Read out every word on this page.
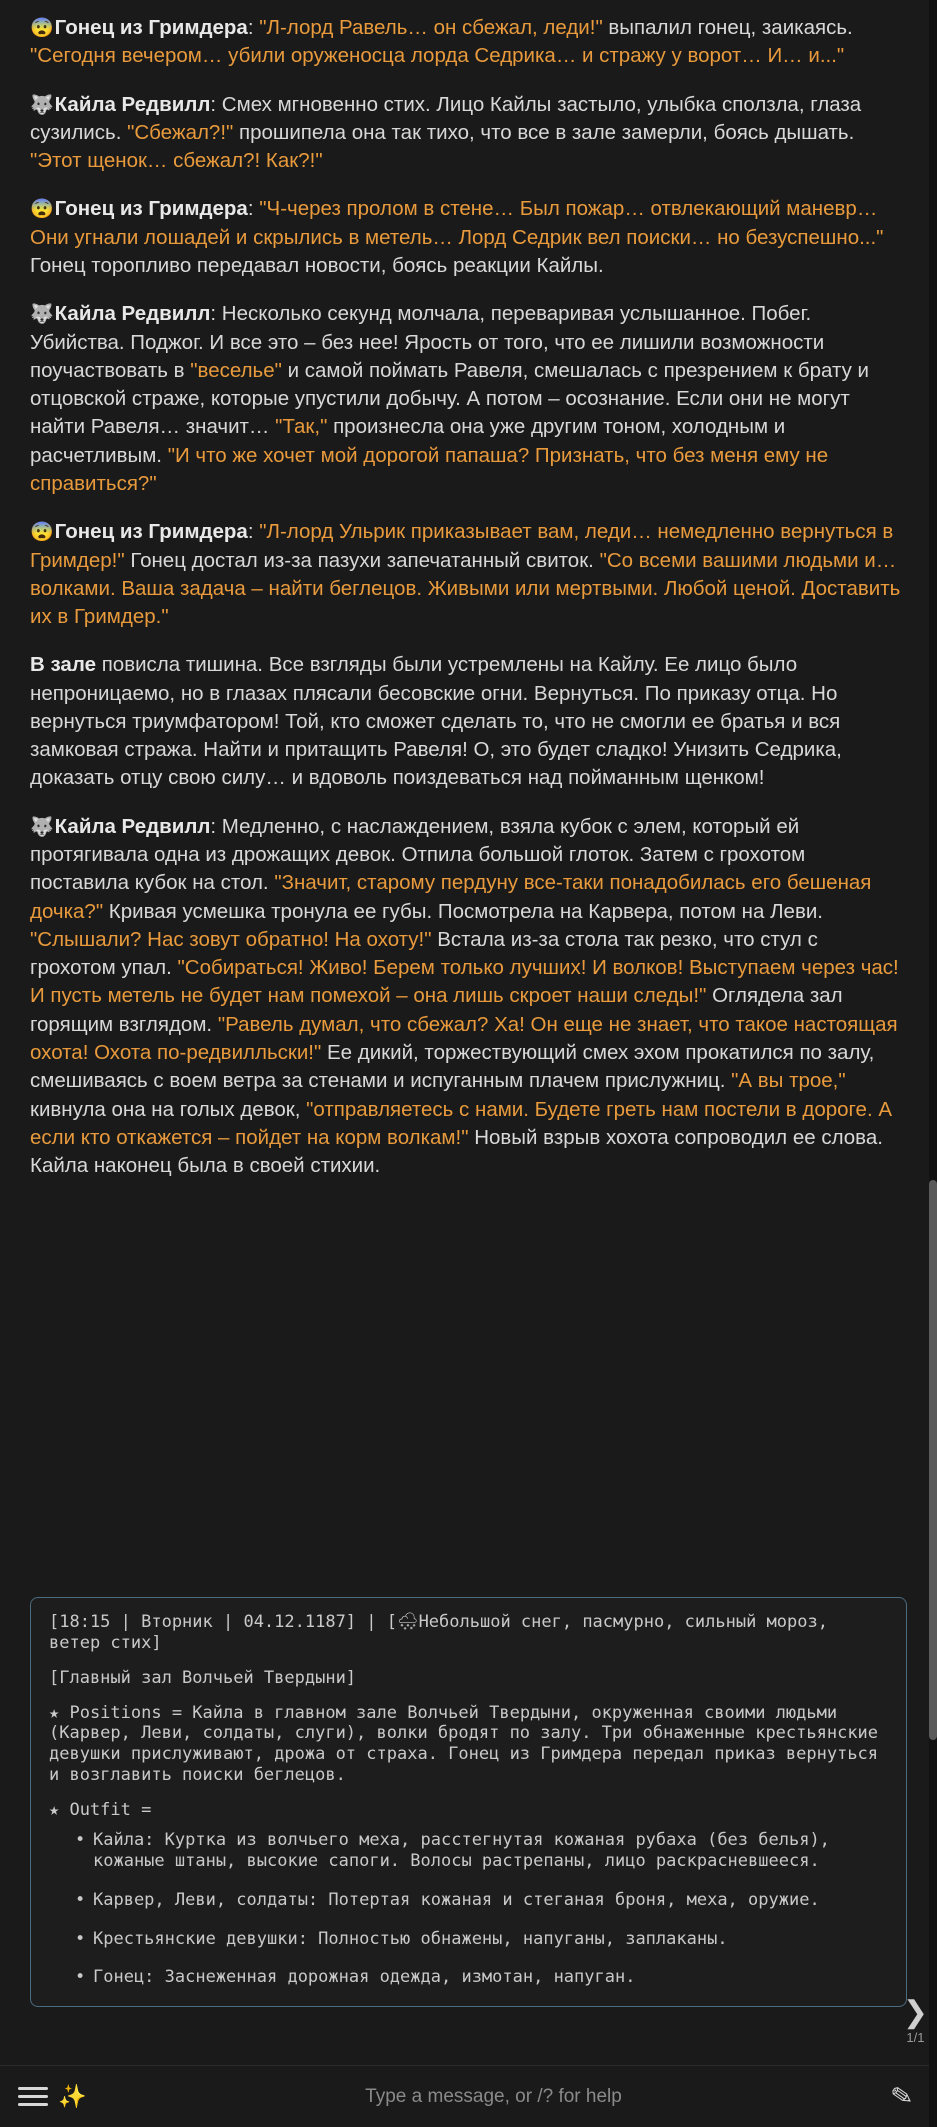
😨Гонец из Гримдера: "Л-лорд Равель… он сбежал, леди!" выпалил гонец, заикаясь. "Сегодня вечером… убили оруженосца лорда Седрика… и стражу у ворот… И… и..."

🐺Кайла Редвилл: Смех мгновенно стих. Лицо Кайлы застыло, улыбка сползла, глаза сузились. "Сбежал?!" прошипела она так тихо, что все в зале замерли, боясь дышать. "Этот щенок… сбежал?! Как?!"

😨Гонец из Гримдера: "Ч-через пролом в стене… Был пожар… отвлекающий маневр… Они угнали лошадей и скрылись в метель… Лорд Седрик вел поиски… но безуспешно..." Гонец торопливо передавал новости, боясь реакции Кайлы.

🐺Кайла Редвилл: Несколько секунд молчала, переваривая услышанное. Побег. Убийства. Поджог. И все это – без нее! Ярость от того, что ее лишили возможности поучаствовать в "веселье" и самой поймать Равеля, смешалась с презрением к брату и отцовской страже, которые упустили добычу. А потом – осознание. Если они не могут найти Равеля… значит… "Так," произнесла она уже другим тоном, холодным и расчетливым. "И что же хочет мой дорогой папаша? Признать, что без меня ему не справиться?"

😨Гонец из Гримдера: "Л-лорд Ульрик приказывает вам, леди… немедленно вернуться в Гримдер!" Гонец достал из-за пазухи запечатанный свиток. "Со всеми вашими людьми и… волками. Ваша задача – найти беглецов. Живыми или мертвыми. Любой ценой. Доставить их в Гримдер."

В зале повисла тишина. Все взгляды были устремлены на Кайлу. Ее лицо было непроницаемо, но в глазах плясали бесовские огни. Вернуться. По приказу отца. Но вернуться триумфатором! Той, кто сможет сделать то, что не смогли ее братья и вся замковая стража. Найти и притащить Равеля! О, это будет сладко! Унизить Седрика, доказать отцу свою силу… и вдоволь поиздеваться над пойманным щенком!

🐺Кайла Редвилл: Медленно, с наслаждением, взяла кубок с элем, который ей протягивала одна из дрожащих девок. Отпила большой глоток. Затем с грохотом поставила кубок на стол. "Значит, старому пердуну все-таки понадобилась его бешеная дочка?" Кривая усмешка тронула ее губы. Посмотрела на Карвера, потом на Леви. "Слышали? Нас зовут обратно! На охоту!" Встала из-за стола так резко, что стул с грохотом упал. "Собираться! Живо! Берем только лучших! И волков! Выступаем через час! И пусть метель не будет нам помехой – она лишь скроет наши следы!" Оглядела зал горящим взглядом. "Равель думал, что сбежал? Ха! Он еще не знает, что такое настоящая охота! Охота по-редвилльски!" Ее дикий, торжествующий смех эхом прокатился по залу, смешиваясь с воем ветра за стенами и испуганным плачем прислужниц. "А вы трое," кивнула она на голых девок, "отправляетесь с нами. Будете греть нам постели в дороге. А если кто откажется – пойдет на корм волкам!" Новый взрыв хохота сопроводил ее слова. Кайла наконец была в своей стихии.

[18:15 | Вторник | 04.12.1187] | [🌨Небольшой снег, пасмурно, сильный мороз, ветер стих]
[Главный зал Волчьей Твердыни]
★ Positions = Кайла в главном зале Волчьей Твердыни, окруженная своими людьми (Карвер, Леви, солдаты, слуги), волки бродят по залу. Три обнаженные крестьянские девушки прислуживают, дрожа от страха. Гонец из Гримдера передал приказ вернуться и возглавить поиски беглецов.
★ Outfit =
• Кайла: Куртка из волчьего меха, расстегнутая кожаная рубаха (без белья), кожаные штаны, высокие сапоги. Волосы растрепаны, лицо раскрасневшееся.
• Карвер, Леви, солдаты: Потертая кожаная и стеганая броня, меха, оружие.
• Крестьянские девушки: Полностью обнажены, напуганы, заплаканы.
• Гонец: Заснеженная дорожная одежда, измотан, напуган.
❯
1/1
✨	Type a message, or /? for help	✎
